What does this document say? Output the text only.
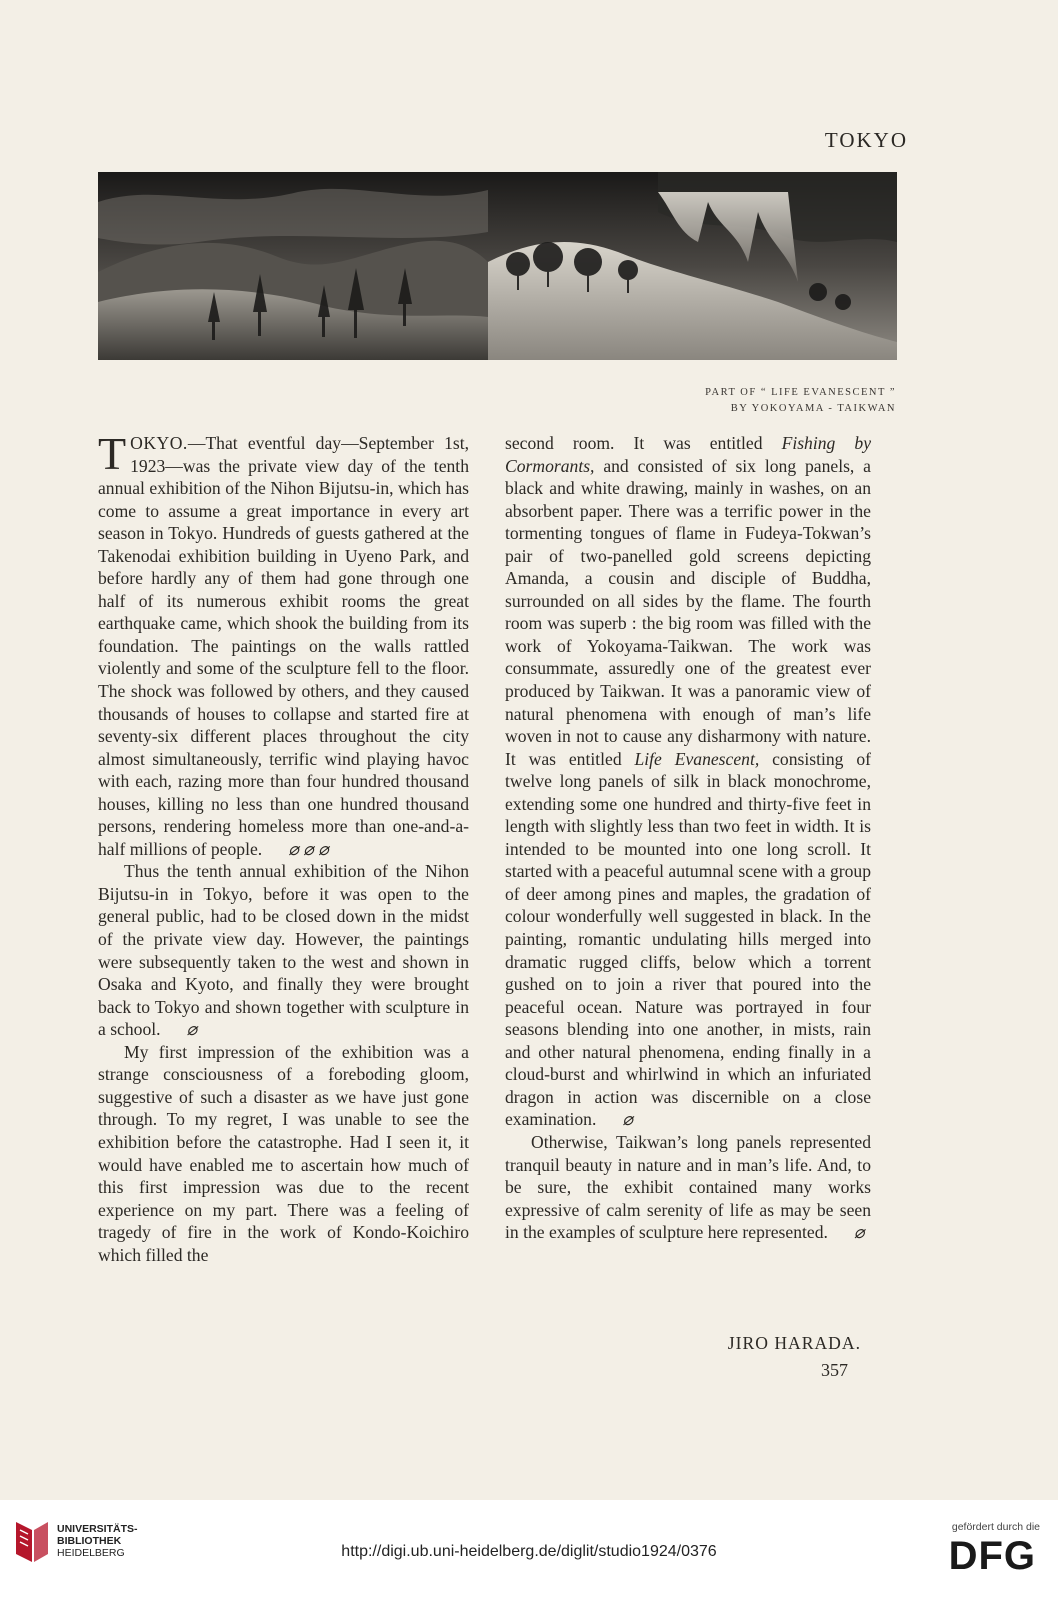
TOKYO
PART OF “ LIFE EVANESCENT ”
BY YOKOYAMA - TAIKWAN

TOKYO.—That eventful day—September 1st, 1923—was the private view day of the tenth annual exhibition of the Nihon Bijutsu-in, which has come to assume a great importance in every art season in Tokyo. Hundreds of guests gathered at the Takenodai exhibition building in Uyeno Park, and before hardly any of them had gone through one half of its numerous exhibit rooms the great earthquake came, which shook the building from its foundation. The paintings on the walls rattled violently and some of the sculpture fell to the floor. The shock was followed by others, and they caused thousands of houses to collapse and started fire at seventy-six different places throughout the city almost simultaneously, terrific wind playing havoc with each, razing more than four hundred thousand houses, killing no less than one hundred thousand persons, rendering homeless more than one-and-a-half millions of people. ⌀ ⌀ ⌀

Thus the tenth annual exhibition of the Nihon Bijutsu-in in Tokyo, before it was open to the general public, had to be closed down in the midst of the private view day. However, the paintings were subsequently taken to the west and shown in Osaka and Kyoto, and finally they were brought back to Tokyo and shown together with sculpture in a school. ⌀

My first impression of the exhibition was a strange consciousness of a foreboding gloom, suggestive of such a disaster as we have just gone through. To my regret, I was unable to see the exhibition before the catastrophe. Had I seen it, it would have enabled me to ascertain how much of this first impression was due to the recent experience on my part. There was a feeling of tragedy of fire in the work of Kondo-Koichiro which filled the

second room. It was entitled Fishing by Cormorants, and consisted of six long panels, a black and white drawing, mainly in washes, on an absorbent paper. There was a terrific power in the tormenting tongues of flame in Fudeya-Tokwan’s pair of two-panelled gold screens depicting Amanda, a cousin and disciple of Buddha, surrounded on all sides by the flame. The fourth room was superb : the big room was filled with the work of Yokoyama-Taikwan. The work was consummate, assuredly one of the greatest ever produced by Taikwan. It was a panoramic view of natural phenomena with enough of man’s life woven in not to cause any disharmony with nature. It was entitled Life Evanescent, consisting of twelve long panels of silk in black monochrome, extending some one hundred and thirty-five feet in length with slightly less than two feet in width. It is intended to be mounted into one long scroll. It started with a peaceful autumnal scene with a group of deer among pines and maples, the gradation of colour wonderfully well suggested in black. In the painting, romantic undulating hills merged into dramatic rugged cliffs, below which a torrent gushed on to join a river that poured into the peaceful ocean. Nature was portrayed in four seasons blending into one another, in mists, rain and other natural phenomena, ending finally in a cloud-burst and whirlwind in which an infuriated dragon in action was discernible on a close examination. ⌀

Otherwise, Taikwan’s long panels represented tranquil beauty in nature and in man’s life. And, to be sure, the exhibit contained many works expressive of calm serenity of life as may be seen in the examples of sculpture here represented. ⌀

JIRO HARADA.
357
UNIVERSITÄTS-
BIBLIOTHEK
HEIDELBERG	http://digi.ub.uni-heidelberg.de/diglit/studio1924/0376
gefördert durch die
DFG
